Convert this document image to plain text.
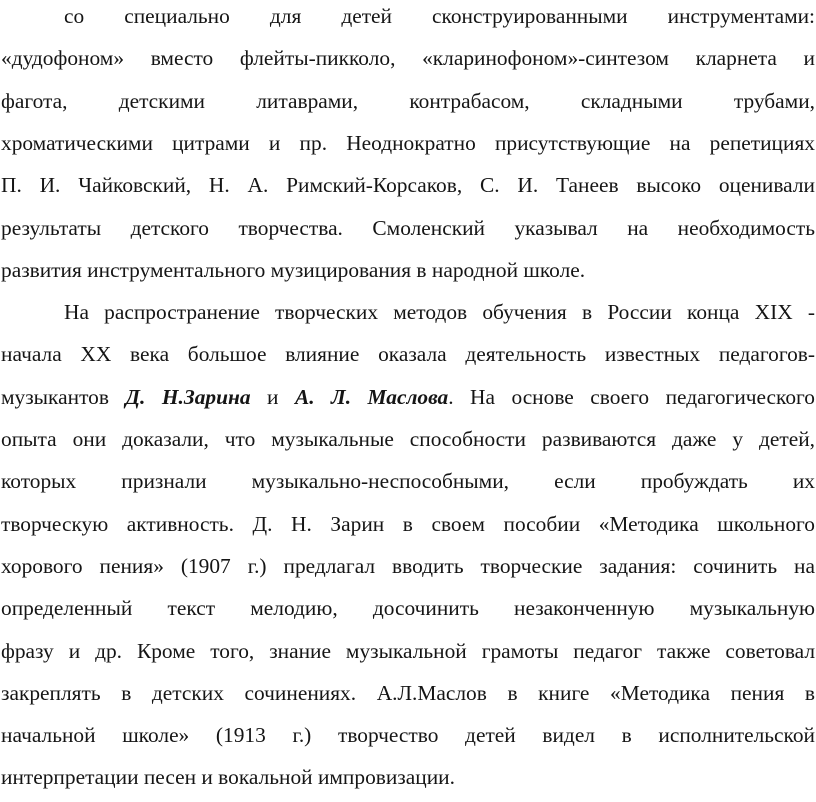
со специально для детей сконструированными инструментами:
«дудофоном» вместо флейты-пикколо, «кларинофоном»-синтезом кларнета и
фагота, детскими литаврами, контрабасом, складными трубами,
хроматическими цитрами и пр. Неоднократно присутствующие на репетициях
П. И. Чайковский, Н. А. Римский-Корсаков, С. И. Танеев высоко оценивали
результаты детского творчества. Смоленский указывал на необходимость
развития инструментального музицирования в народной школе.
На распространение творческих методов обучения в России конца XIX -
начала XX века большое влияние оказала деятельность известных педагогов-
музыкантов Д. Н.Зарина и А. Л. Маслова. На основе своего педагогического
опыта они доказали, что музыкальные способности развиваются даже у детей,
которых признали музыкально-неспособными, если пробуждать их
творческую активность. Д. Н. Зарин в своем пособии «Методика школьного
хорового пения» (1907 г.) предлагал вводить творческие задания: сочинить на
определенный текст мелодию, досочинить незаконченную музыкальную
фразу и др. Кроме того, знание музыкальной грамоты педагог также советовал
закреплять в детских сочинениях. А.Л.Маслов в книге «Методика пения в
начальной школе» (1913 г.) творчество детей видел в исполнительской
интерпретации песен и вокальной импровизации.
